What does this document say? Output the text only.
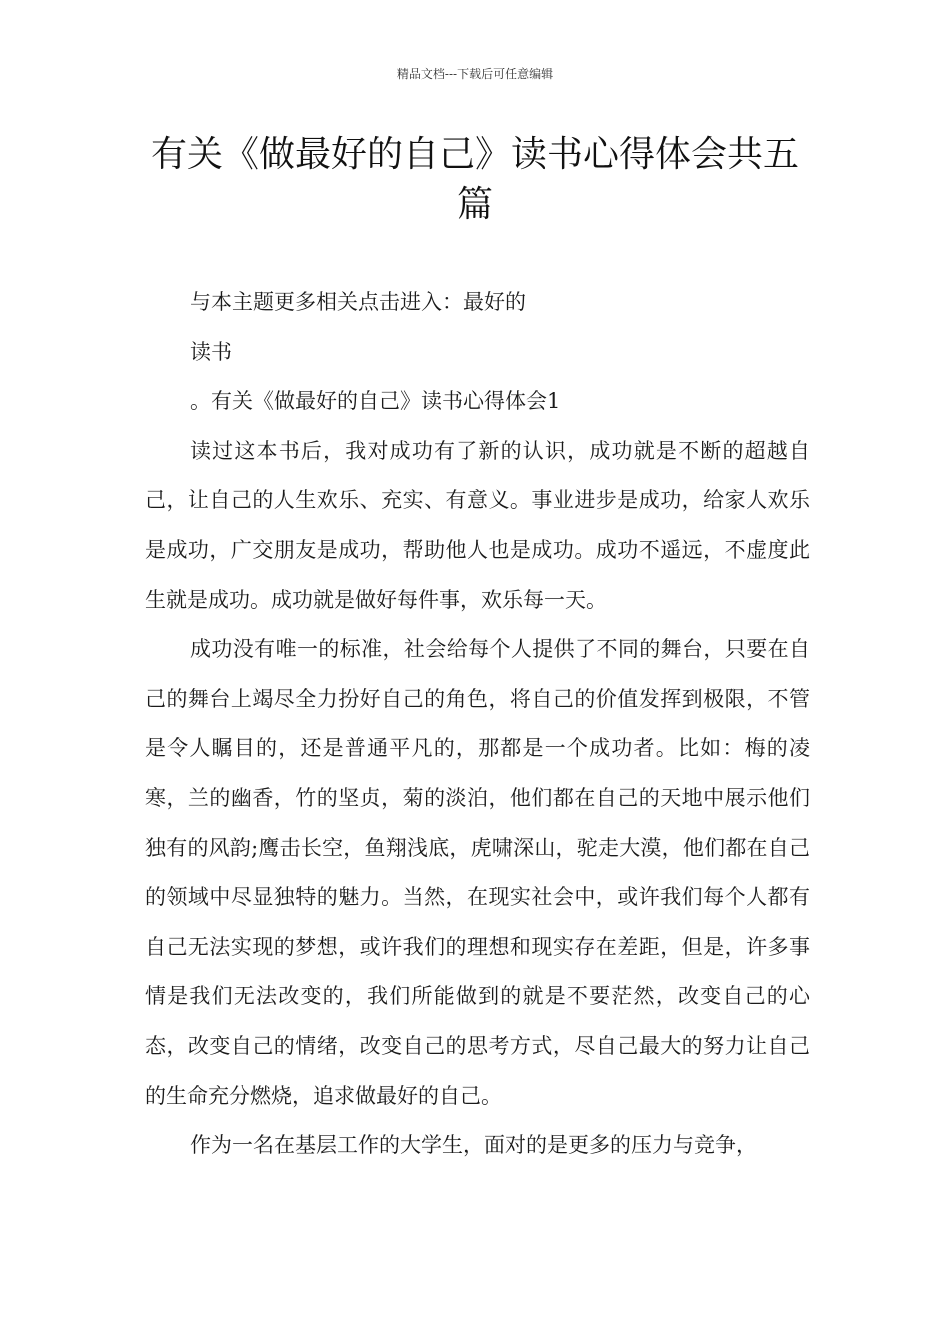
精品文档---下载后可任意编辑
有关《做最好的自己》读书心得体会共五篇

与本主题更多相关点击进入：最好的

读书

。有关《做最好的自己》读书心得体会1

读过这本书后，我对成功有了新的认识，成功就是不断的超越自己，让自己的人生欢乐、充实、有意义。事业进步是成功，给家人欢乐是成功，广交朋友是成功，帮助他人也是成功。成功不遥远，不虚度此生就是成功。成功就是做好每件事，欢乐每一天。

成功没有唯一的标准，社会给每个人提供了不同的舞台，只要在自己的舞台上竭尽全力扮好自己的角色，将自己的价值发挥到极限，不管是令人瞩目的，还是普通平凡的，那都是一个成功者。比如：梅的凌寒，兰的幽香，竹的坚贞，菊的淡泊，他们都在自己的天地中展示他们独有的风韵;鹰击长空，鱼翔浅底，虎啸深山，驼走大漠，他们都在自己的领域中尽显独特的魅力。当然，在现实社会中，或许我们每个人都有自己无法实现的梦想，或许我们的理想和现实存在差距，但是，许多事情是我们无法改变的，我们所能做到的就是不要茫然，改变自己的心态，改变自己的情绪，改变自己的思考方式，尽自己最大的努力让自己的生命充分燃烧，追求做最好的自己。

作为一名在基层工作的大学生，面对的是更多的压力与竞争，
